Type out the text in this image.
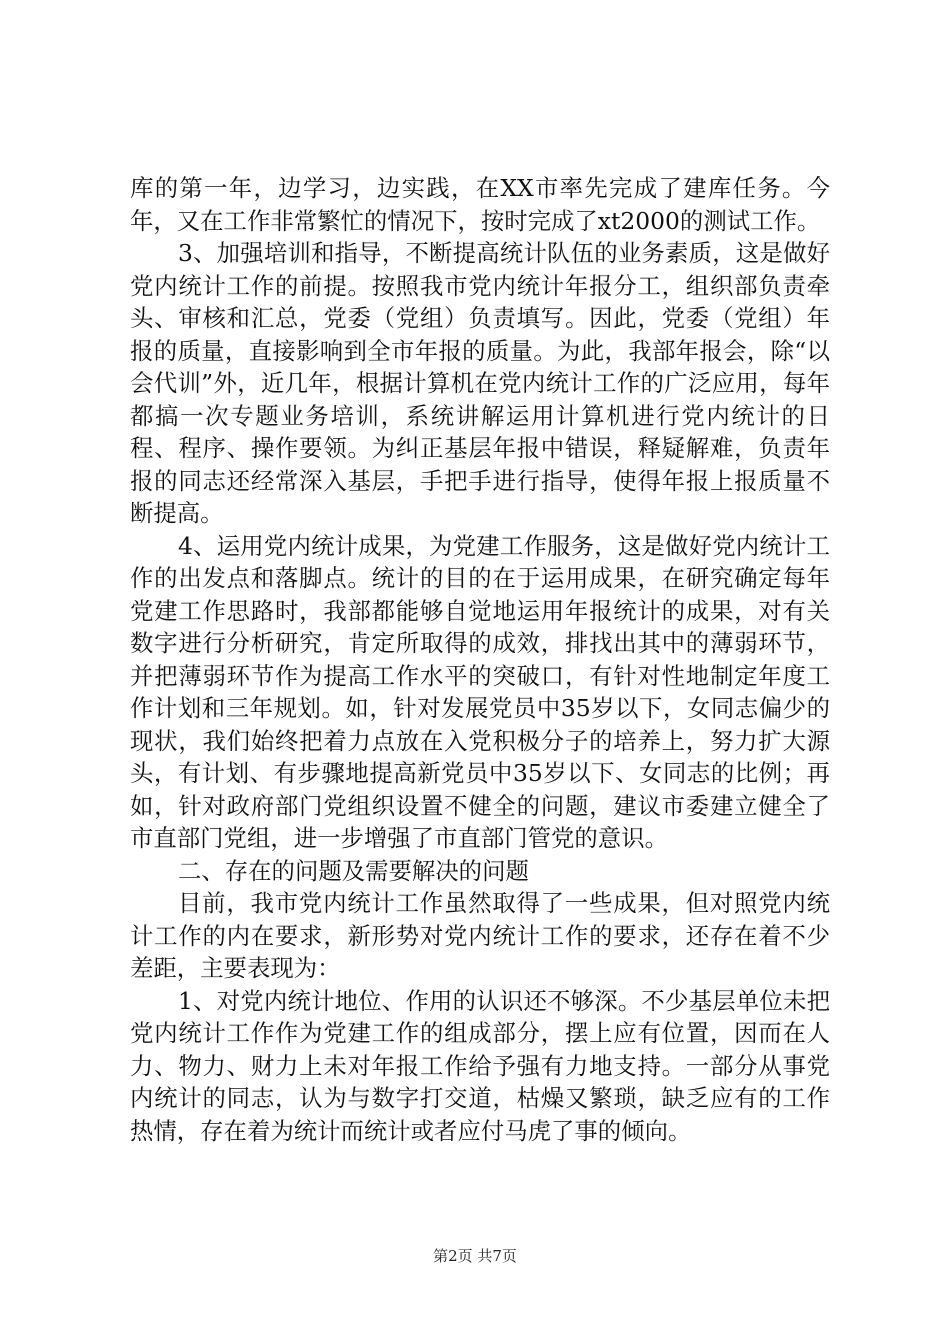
库的第一年，边学习，边实践，在XX市率先完成了建库任务。今年，又在工作非常繁忙的情况下，按时完成了xt2000的测试工作。

3、加强培训和指导，不断提高统计队伍的业务素质，这是做好党内统计工作的前提。按照我市党内统计年报分工，组织部负责牵头、审核和汇总，党委（党组）负责填写。因此，党委（党组）年报的质量，直接影响到全市年报的质量。为此，我部年报会，除“以会代训”外，近几年，根据计算机在党内统计工作的广泛应用，每年都搞一次专题业务培训，系统讲解运用计算机进行党内统计的日程、程序、操作要领。为纠正基层年报中错误，释疑解难，负责年报的同志还经常深入基层，手把手进行指导，使得年报上报质量不断提高。

4、运用党内统计成果，为党建工作服务，这是做好党内统计工作的出发点和落脚点。统计的目的在于运用成果，在研究确定每年党建工作思路时，我部都能够自觉地运用年报统计的成果，对有关数字进行分析研究，肯定所取得的成效，排找出其中的薄弱环节，并把薄弱环节作为提高工作水平的突破口，有针对性地制定年度工作计划和三年规划。如，针对发展党员中35岁以下，女同志偏少的现状，我们始终把着力点放在入党积极分子的培养上，努力扩大源头，有计划、有步骤地提高新党员中35岁以下、女同志的比例；再如，针对政府部门党组织设置不健全的问题，建议市委建立健全了市直部门党组，进一步增强了市直部门管党的意识。

二、存在的问题及需要解决的问题

目前，我市党内统计工作虽然取得了一些成果，但对照党内统计工作的内在要求，新形势对党内统计工作的要求，还存在着不少差距，主要表现为：

1、对党内统计地位、作用的认识还不够深。不少基层单位未把党内统计工作作为党建工作的组成部分，摆上应有位置，因而在人力、物力、财力上未对年报工作给予强有力地支持。一部分从事党内统计的同志，认为与数字打交道，枯燥又繁琐，缺乏应有的工作热情，存在着为统计而统计或者应付马虎了事的倾向。

第2页 共7页
